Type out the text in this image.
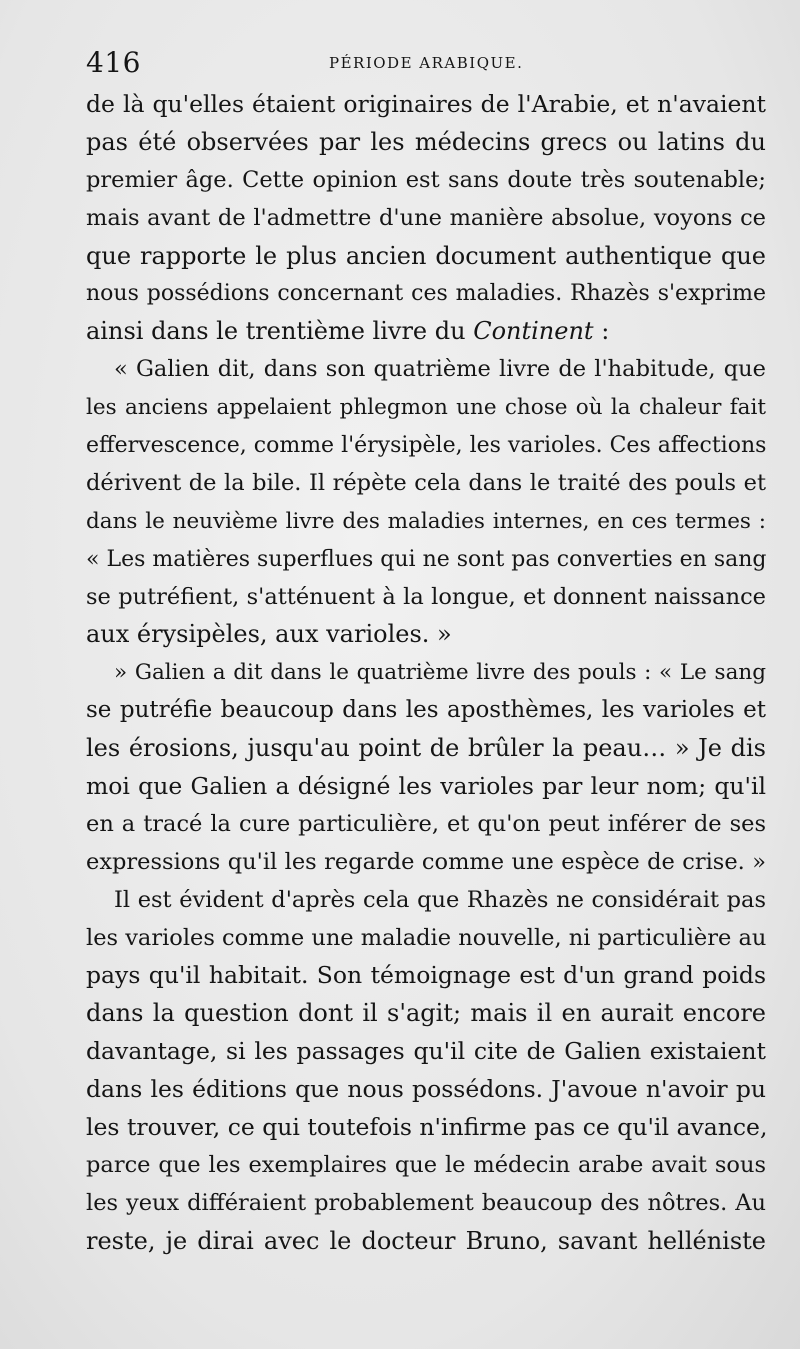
416	PÉRIODE ARABIQUE.
de là qu'elles étaient originaires de l'Arabie, et n'avaient
pas été observées par les médecins grecs ou latins du
premier âge. Cette opinion est sans doute très soutenable;
mais avant de l'admettre d'une manière absolue, voyons ce
que rapporte le plus ancien document authentique que
nous possédions concernant ces maladies. Rhazès s'exprime
ainsi dans le trentième livre du Continent :
« Galien dit, dans son quatrième livre de l'habitude, que
les anciens appelaient phlegmon une chose où la chaleur fait
effervescence, comme l'érysipèle, les varioles. Ces affections
dérivent de la bile. Il répète cela dans le traité des pouls et
dans le neuvième livre des maladies internes, en ces termes :
« Les matières superflues qui ne sont pas converties en sang
se putréfient, s'atténuent à la longue, et donnent naissance
aux érysipèles, aux varioles. »
» Galien a dit dans le quatrième livre des pouls : « Le sang
se putréfie beaucoup dans les aposthèmes, les varioles et
les érosions, jusqu'au point de brûler la peau… » Je dis
moi que Galien a désigné les varioles par leur nom; qu'il
en a tracé la cure particulière, et qu'on peut inférer de ses
expressions qu'il les regarde comme une espèce de crise. »
Il est évident d'après cela que Rhazès ne considérait pas
les varioles comme une maladie nouvelle, ni particulière au
pays qu'il habitait. Son témoignage est d'un grand poids
dans la question dont il s'agit; mais il en aurait encore
davantage, si les passages qu'il cite de Galien existaient
dans les éditions que nous possédons. J'avoue n'avoir pu
les trouver, ce qui toutefois n'infirme pas ce qu'il avance,
parce que les exemplaires que le médecin arabe avait sous
les yeux différaient probablement beaucoup des nôtres. Au
reste, je dirai avec le docteur Bruno, savant helléniste
